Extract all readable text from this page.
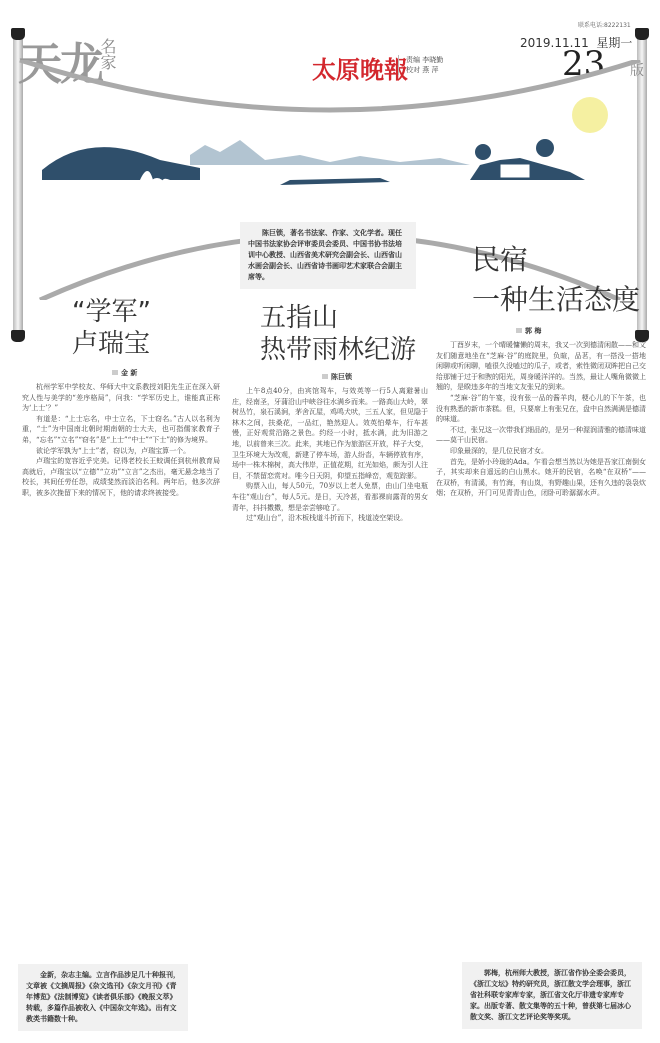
联系电话:8222131
2019.11.11 星期一
天龙
名家	太原晚報
责编 李晓勤
校对 燕 萍	23 版
陈巨锁，著名书法家、作家、文化学者。现任中国书法家协会评审委员会委员、中国书协书法培训中心教授、山西省美术研究会副会长、山西省山水画会副会长、山西省诗书画印艺术家联合会副主席等。
“学军”
卢瑞宝
金 新

杭州学军中学校友、华师大中文系教授刘阳先生正在深入研究人性与美学的“差序格局”，问我：“学军历史上，谁能真正称为‘上士’？”

有道是：“上士忘名，中士立名，下士窃名。”古人以名利为重，“士”为中国南北朝时期南朝的士大夫，也可指儒家教育子弟，“忘名”“立名”“窃名”是“上士”“中士”“下士”的修为境界。

欲论学军孰为“上士”者，窃以为，卢瑞宝算一个。

卢瑞宝的宽容近乎完美。记得老校长王蛟调任到杭州教育局高就后，卢瑞宝以“立德”“立功”“立言”之杰出，毫无悬念地当了校长，其间任劳任怨，成绩斐然而淡泊名利。两年后，他多次辞职，被多次挽留下来的情况下，他的请求终被接受。

金新，杂志主编。立言作品涉足几十种报刊，文章被《文摘周报》《杂文选刊》《杂文月刊》《青年博览》《法制博览》《读者俱乐部》《晚报文萃》转载，多篇作品被收入《中国杂文年选》。出有文教类书籍数十种。
五指山
热带雨林纪游
陈巨锁

上午8点40分，由宾馆驾车，与效英等一行5人离避暑山庄，经南圣，牙蒲沿山中峡谷往水满乡而来。一路高山大岭，翠树丛竹，泉石溪涧，茅舍瓦屋，鸡鸣犬吠，三五人家，但见隐于林木之间，扶桑花，一品红，艳然迎人。效英怕晕车，行车甚慢，正好观赏沿路之景色。约经一小时，抵水满，此为旧游之地，以前曾来三次。此来，其地已作为旅游区开放，样子大变，卫生环境大为改观，新建了停车场，游人纷沓，车辆停放有序，场中一株木棉树，高大伟岸，正值花期，红光如焰，颇为引人注目，不禁留恋赏对。唯今日天阴，仰望五指峰峦，观览踪影。

购票入山，每人50元，70岁以上老人免票，由山门坐电瓶车往“观山台”，每人5元。是日，天冷甚，看那祼肩露背的男女青年，抖抖擞擞，想是亲尝够呛了。

过“观山台”，沿木板栈道斗折而下，栈道凌空架设。

民宿
一种生活态度
郭 梅

丁酉岁末，一个晴暖慵懒的周末，我又一次到德清闲散——和文友们随意地坐在“芝麻·谷”的庭院里，负暄，品茗，有一搭没一搭地闲聊或听闲聊，嗑很久没嗑过的瓜子，或者，索性微闭双眸把自己交给那铺于过于和煦的阳光，周身暖洋洋的。当然，最让人嘴角微微上翘的，是睽违多年的当地文友张兄的到来。

“芝麻·谷”的午宴，没有张一品的酱羊肉，梗心儿的下午茶，也没有熟悉的新市茶糕。但，只要席上有张兄在，盘中自然满满是德清的味道。

不过，张兄这一次带我们细品的，是另一种渥润清雅的德清味道——莫干山民宿。

印象最深的，是几位民宿才女。

首先，是娇小玲珑的Ada。乍看会想当然以为她是吾家江南倒女子，其实却来自遥远的白山黑水。她开的民宿，名唤“在双桥”——在双桥，有清溪，有竹海，有山岚，有野趣山果，还有久违的袅袅炊烟；在双桥，开门可见青青山色，闭卧可聆潺潺水声。

郭梅，杭州师大教授，浙江省作协全委会委员，《浙江文坛》特约研究员，浙江散文学会理事，浙江省社科联专家库专家，浙江省文化厅非遗专家库专家。出版专著、散文集等的五十种，曾获第七届冰心散文奖、浙江文艺评论奖等奖项。
